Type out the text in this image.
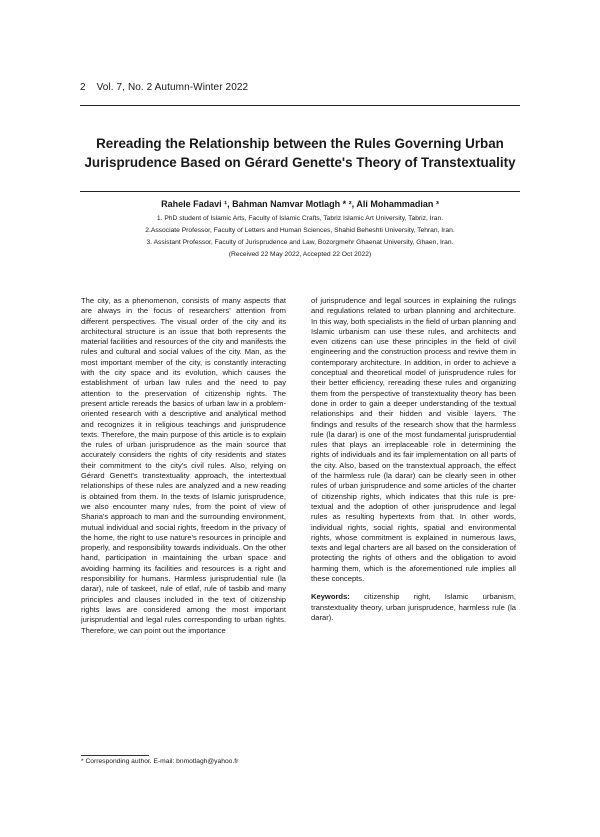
2 Vol. 7, No. 2 Autumn-Winter 2022
Rereading the Relationship between the Rules Governing Urban
Jurisprudence Based on Gérard Genette's Theory of Transtextuality
Rahele Fadavi ¹, Bahman Namvar Motlagh * ², Ali Mohammadian ³
1. PhD student of Islamic Arts, Faculty of Islamic Crafts, Tabriz Islamic Art University, Tabriz, Iran.
2.Associate Professor, Faculty of Letters and Human Sciences, Shahid Beheshti University, Tehran, Iran.
3. Assistant Professor, Faculty of Jurisprudence and Law, Bozorgmehr Ghaenat University, Ghaen, Iran.
(Received 22 May 2022, Accepted 22 Oct 2022)

The city, as a phenomenon, consists of many aspects that are always in the focus of researchers' attention from different perspectives. The visual order of the city and its architectural structure is an issue that both represents the material facilities and resources of the city and manifests the rules and cultural and social values of the city. Man, as the most important member of the city, is constantly interacting with the city space and its evolution, which causes the establishment of urban law rules and the need to pay attention to the preservation of citizenship rights. The present article rereads the basics of urban law in a problem-oriented research with a descriptive and analytical method and recognizes it in religious teachings and jurisprudence texts. Therefore, the main purpose of this article is to explain the rules of urban jurisprudence as the main source that accurately considers the rights of city residents and states their commitment to the city's civil rules. Also, relying on Gérard Genett's transtextuality approach, the intertextual relationships of these rules are analyzed and a new reading is obtained from them. In the texts of Islamic jurisprudence, we also encounter many rules, from the point of view of Sharia's approach to man and the surrounding environment, mutual individual and social rights, freedom in the privacy of the home, the right to use nature's resources in principle and properly, and responsibility towards individuals. On the other hand, participation in maintaining the urban space and avoiding harming its facilities and resources is a right and responsibility for humans. Harmless jurisprudential rule (la darar), rule of taskeet, rule of etlaf, rule of tasbib and many principles and clauses included in the text of citizenship rights laws are considered among the most important jurisprudential and legal rules corresponding to urban rights. Therefore, we can point out the importance

of jurisprudence and legal sources in explaining the rulings and regulations related to urban planning and architecture. In this way, both specialists in the field of urban planning and Islamic urbanism can use these rules, and architects and even citizens can use these principles in the field of civil engineering and the construction process and revive them in contemporary architecture. In addition, in order to achieve a conceptual and theoretical model of jurisprudence rules for their better efficiency, rereading these rules and organizing them from the perspective of transtextuality theory has been done in order to gain a deeper understanding of the textual relationships and their hidden and visible layers. The findings and results of the research show that the harmless rule (la darar) is one of the most fundamental jurisprudential rules that plays an irreplaceable role in determining the rights of individuals and its fair implementation on all parts of the city. Also, based on the transtextual approach, the effect of the harmless rule (la darar) can be clearly seen in other rules of urban jurisprudence and some articles of the charter of citizenship rights, which indicates that this rule is pre-textual and the adoption of other jurisprudence and legal rules as resulting hypertexts from that. In other words, individual rights, social rights, spatial and environmental rights, whose commitment is explained in numerous laws, texts and legal charters are all based on the consideration of protecting the rights of others and the obligation to avoid harming them, which is the aforementioned rule implies all these concepts.

Keywords: citizenship right, Islamic urbanism, transtextuality theory, urban jurisprudence, harmless rule (la darar).

* Corresponding author. E-mail: bnmotlagh@yahoo.fr
